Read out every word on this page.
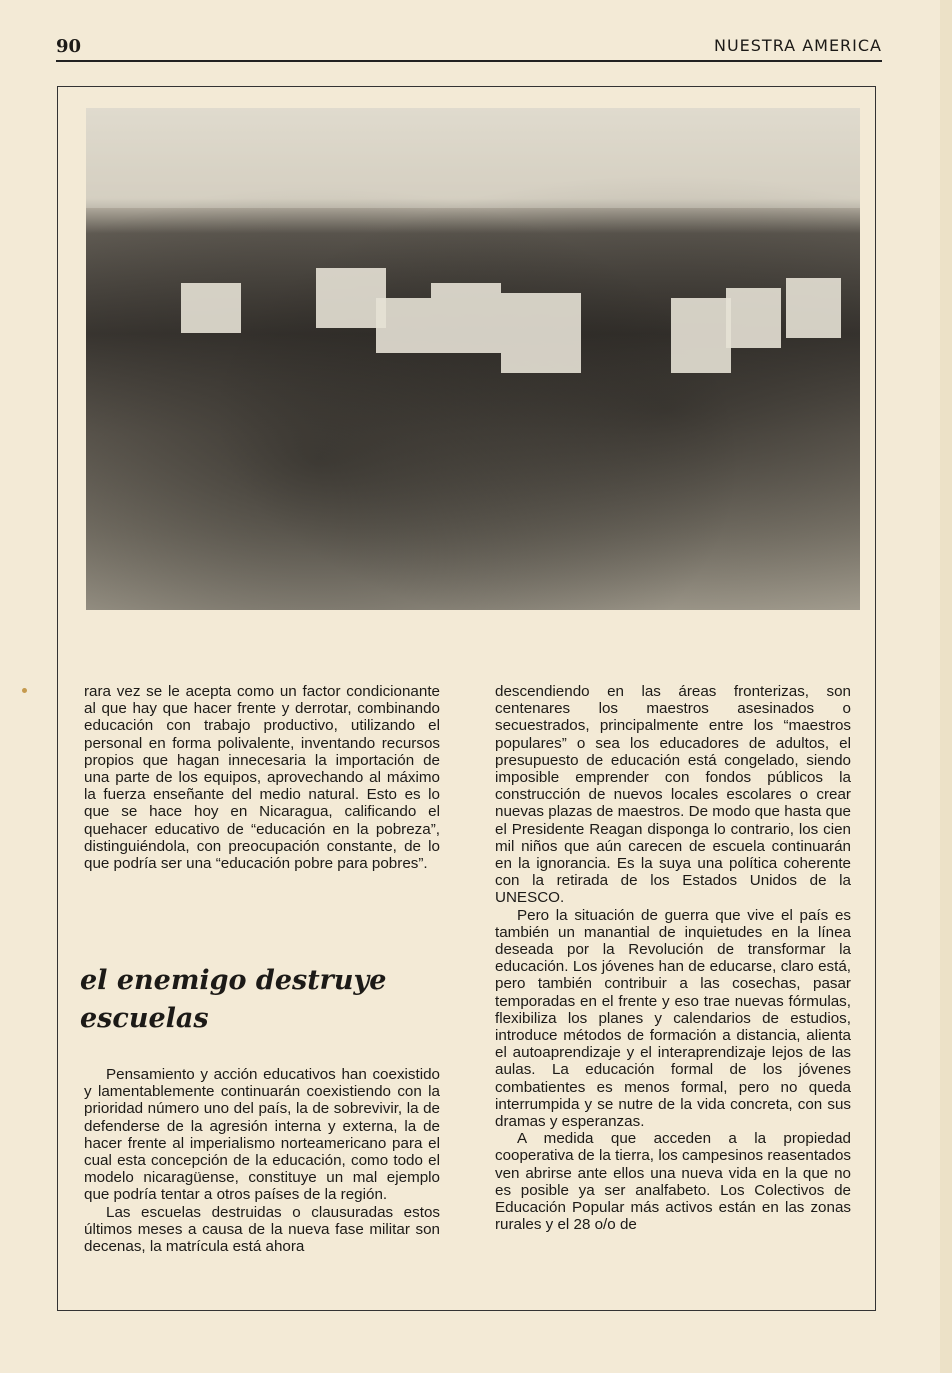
90	NUESTRA AMERICA

rara vez se le acepta como un factor condicionante al que hay que hacer frente y derrotar, combinando educación con trabajo productivo, utilizando el personal en forma polivalente, inventando recursos propios que hagan innecesaria la importación de una parte de los equipos, aprovechando al máximo la fuerza enseñante del medio natural. Esto es lo que se hace hoy en Nicaragua, calificando el quehacer educativo de “educación en la pobreza”, distinguiéndola, con preocupación constante, de lo que podría ser una “educación pobre para pobres”.

el enemigo destruye escuelas

Pensamiento y acción educativos han coexistido y lamentablemente continuarán coexistiendo con la prioridad número uno del país, la de sobrevivir, la de defenderse de la agresión interna y externa, la de hacer frente al imperialismo norteamericano para el cual esta concepción de la educación, como todo el modelo nicaragüense, constituye un mal ejemplo que podría tentar a otros países de la región.

Las escuelas destruidas o clausuradas estos últimos meses a causa de la nueva fase militar son decenas, la matrícula está ahora

descendiendo en las áreas fronterizas, son centenares los maestros asesinados o secuestrados, principalmente entre los “maestros populares” o sea los educadores de adultos, el presupuesto de educación está congelado, siendo imposible emprender con fondos públicos la construcción de nuevos locales escolares o crear nuevas plazas de maestros. De modo que hasta que el Presidente Reagan disponga lo contrario, los cien mil niños que aún carecen de escuela continuarán en la ignorancia. Es la suya una política coherente con la retirada de los Estados Unidos de la UNESCO.

Pero la situación de guerra que vive el país es también un manantial de inquietudes en la línea deseada por la Revolución de transformar la educación. Los jóvenes han de educarse, claro está, pero también contribuir a las cosechas, pasar temporadas en el frente y eso trae nuevas fórmulas, flexibiliza los planes y calendarios de estudios, introduce métodos de formación a distancia, alienta el autoaprendizaje y el interaprendizaje lejos de las aulas. La educación formal de los jóvenes combatientes es menos formal, pero no queda interrumpida y se nutre de la vida concreta, con sus dramas y esperanzas.

A medida que acceden a la propiedad cooperativa de la tierra, los campesinos reasentados ven abrirse ante ellos una nueva vida en la que no es posible ya ser analfabeto. Los Colectivos de Educación Popular más activos están en las zonas rurales y el 28 o/o de
